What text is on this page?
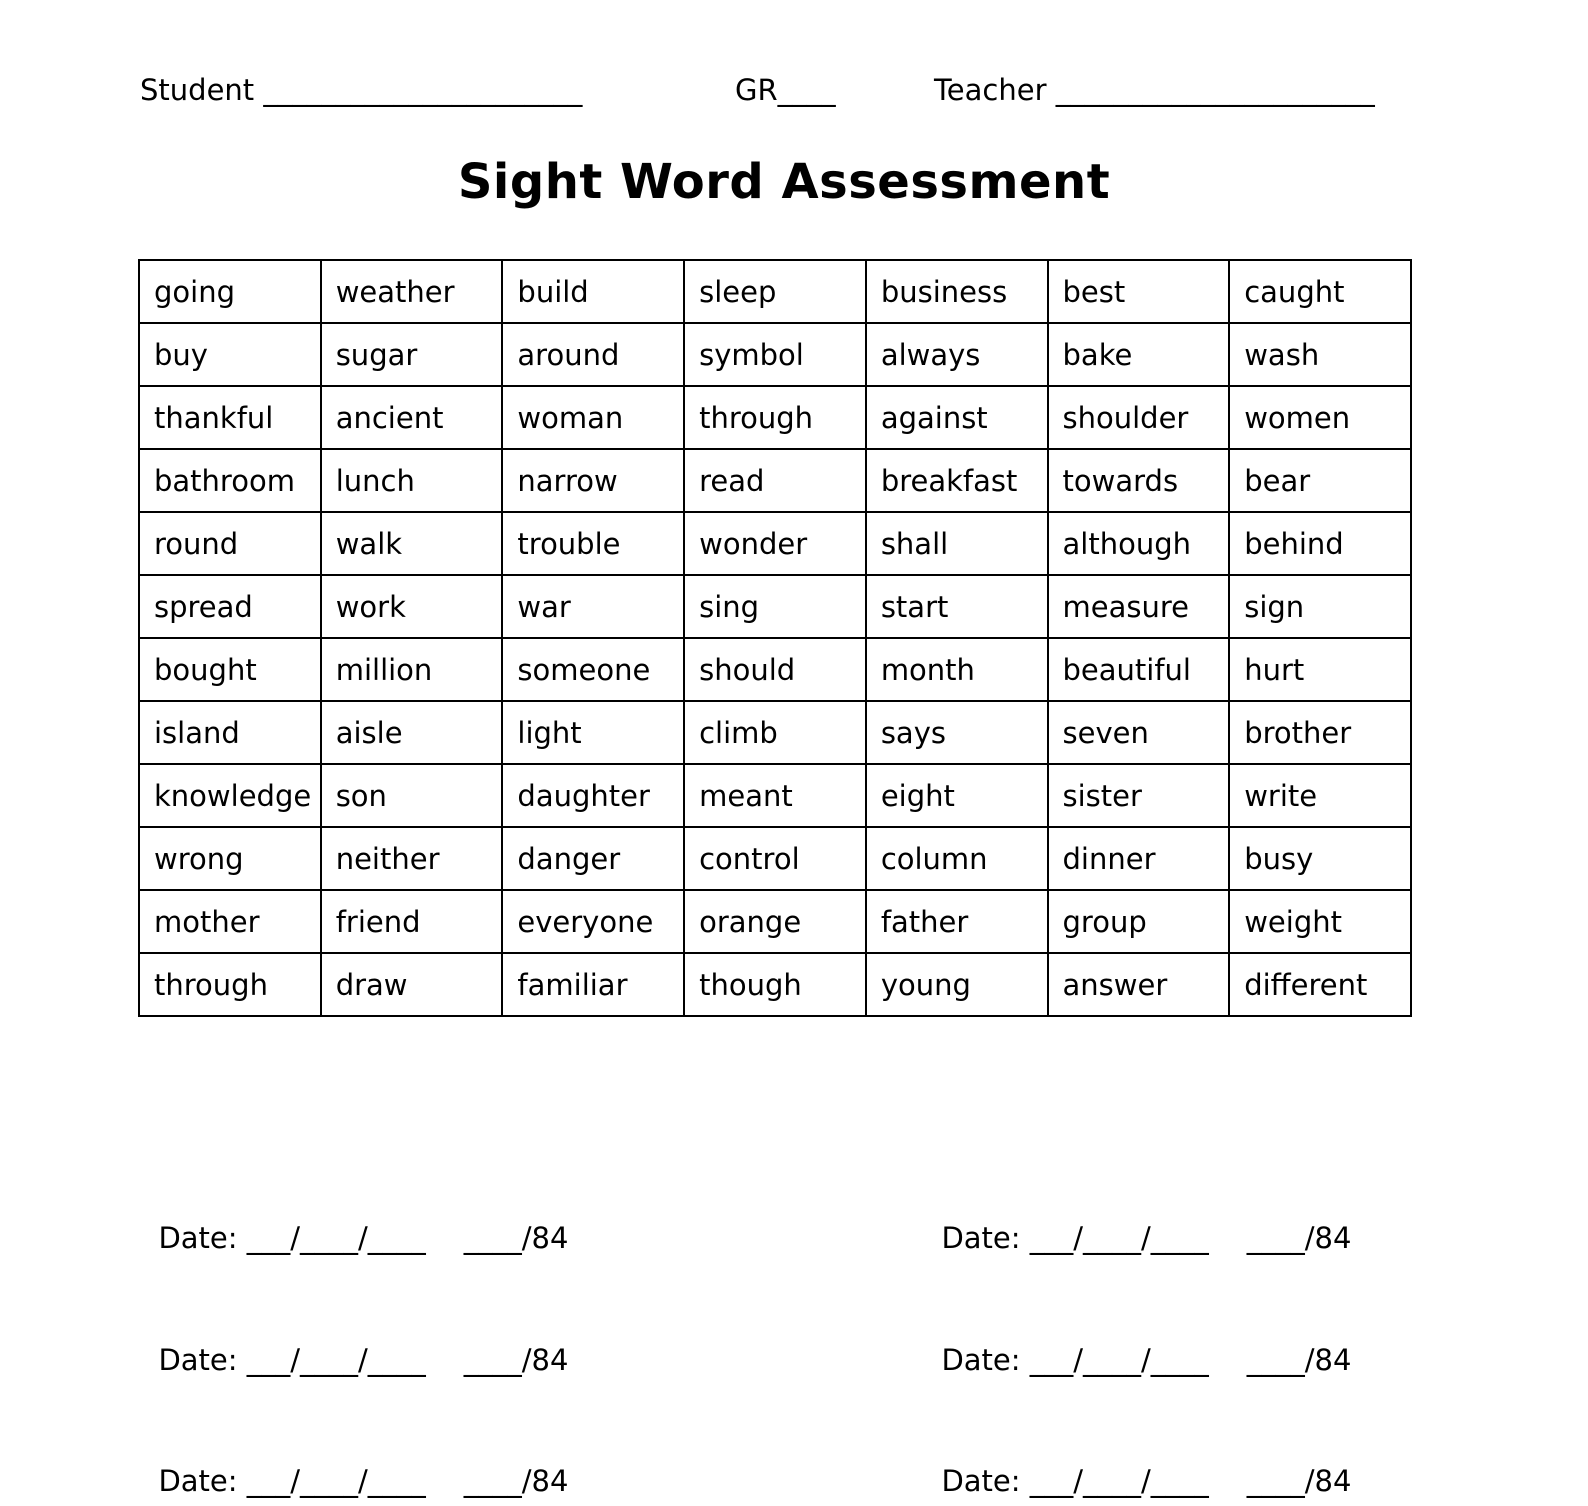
Student ______________________	GR____	Teacher ______________________
Sight Word Assessment
going	weather	build	sleep	business	best	caught
buy	sugar	around	symbol	always	bake	wash
thankful	ancient	woman	through	against	shoulder	women
bathroom	lunch	narrow	read	breakfast	towards	bear
round	walk	trouble	wonder	shall	although	behind
spread	work	war	sing	start	measure	sign
bought	million	someone	should	month	beautiful	hurt
island	aisle	light	climb	says	seven	brother
knowledge	son	daughter	meant	eight	sister	write
wrong	neither	danger	control	column	dinner	busy
mother	friend	everyone	orange	father	group	weight
through	draw	familiar	though	young	answer	different

Date: ___/____/____ ____/84	Date: ___/____/____ ____/84

Date: ___/____/____ ____/84	Date: ___/____/____ ____/84

Date: ___/____/____ ____/84	Date: ___/____/____ ____/84
